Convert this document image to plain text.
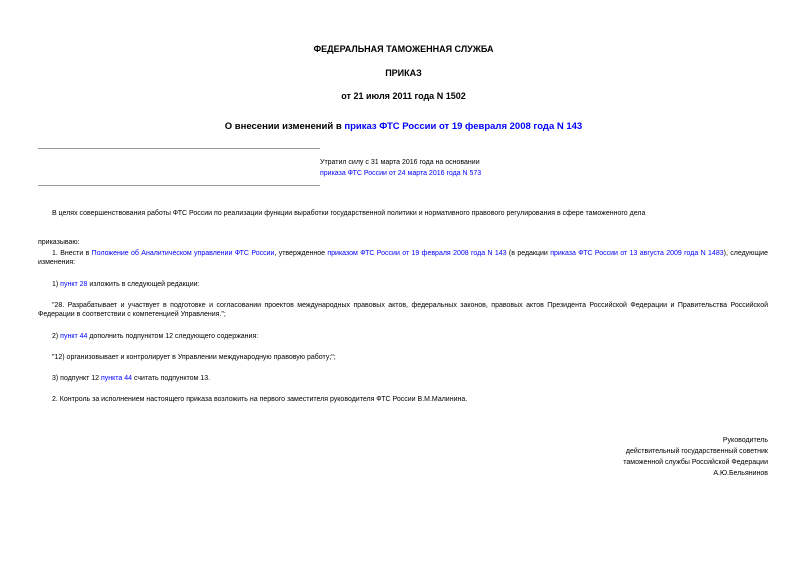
ФЕДЕРАЛЬНАЯ ТАМОЖЕННАЯ СЛУЖБА
ПРИКАЗ
от 21 июля 2011 года N 1502
О внесении изменений в приказ ФТС России от 19 февраля 2008 года N 143
Утратил силу с 31 марта 2016 года на основании
приказа ФТС России от 24 марта 2016 года N 573
В целях совершенствования работы ФТС России по реализации функции выработки государственной политики и нормативного правового регулирования в сфере таможенного дела
приказываю:
1. Внести в Положение об Аналитическом управлении ФТС России, утвержденное приказом ФТС России от 19 февраля 2008 года N 143 (в редакции приказа ФТС России от 13 августа 2009 года N 1483), следующие изменения:
1) пункт 28 изложить в следующей редакции:
"28. Разрабатывает и участвует в подготовке и согласовании проектов международных правовых актов, федеральных законов, правовых актов Президента Российской Федерации и Правительства Российской Федерации в соответствии с компетенцией Управления.";
2) пункт 44 дополнить подпунктом 12 следующего содержания:
"12) организовывает и контролирует в Управлении международную правовую работу;";
3) подпункт 12 пункта 44 считать подпунктом 13.
2. Контроль за исполнением настоящего приказа возложить на первого заместителя руководителя ФТС России В.М.Малинина.
Руководитель
действительный государственный советник
таможенной службы Российской Федерации
А.Ю.Бельянинов
